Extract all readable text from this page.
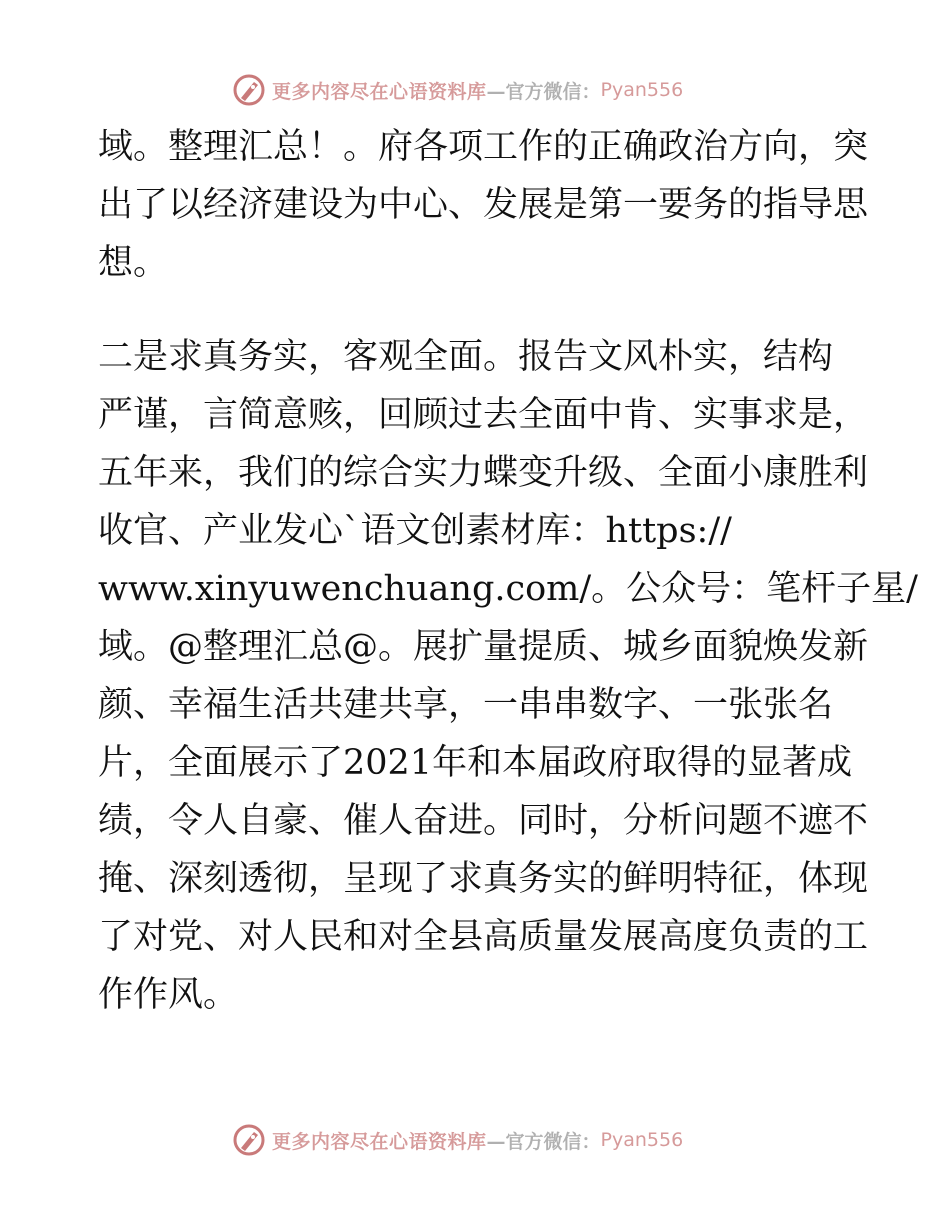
更多内容尽在心语资料库 —官方微信： Pyan556
域。整理汇总！。府各项工作的正确政治方向，突
出了以经济建设为中心、发展是第一要务的指导思
想。
二是求真务实，客观全面。报告文风朴实，结构
严谨，言简意赅，回顾过去全面中肯、实事求是，
五年来，我们的综合实力蝶变升级、全面小康胜利
收官、产业发心`语文创素材库：https://
www.xinyuwenchuang.com/。公众号：笔杆子星/
域。@整理汇总@。展扩量提质、城乡面貌焕发新
颜、幸福生活共建共享，一串串数字、一张张名
片，全面展示了2021年和本届政府取得的显著成
绩，令人自豪、催人奋进。同时，分析问题不遮不
掩、深刻透彻，呈现了求真务实的鲜明特征，体现
了对党、对人民和对全县高质量发展高度负责的工
作作风。
更多内容尽在心语资料库 —官方微信： Pyan556
